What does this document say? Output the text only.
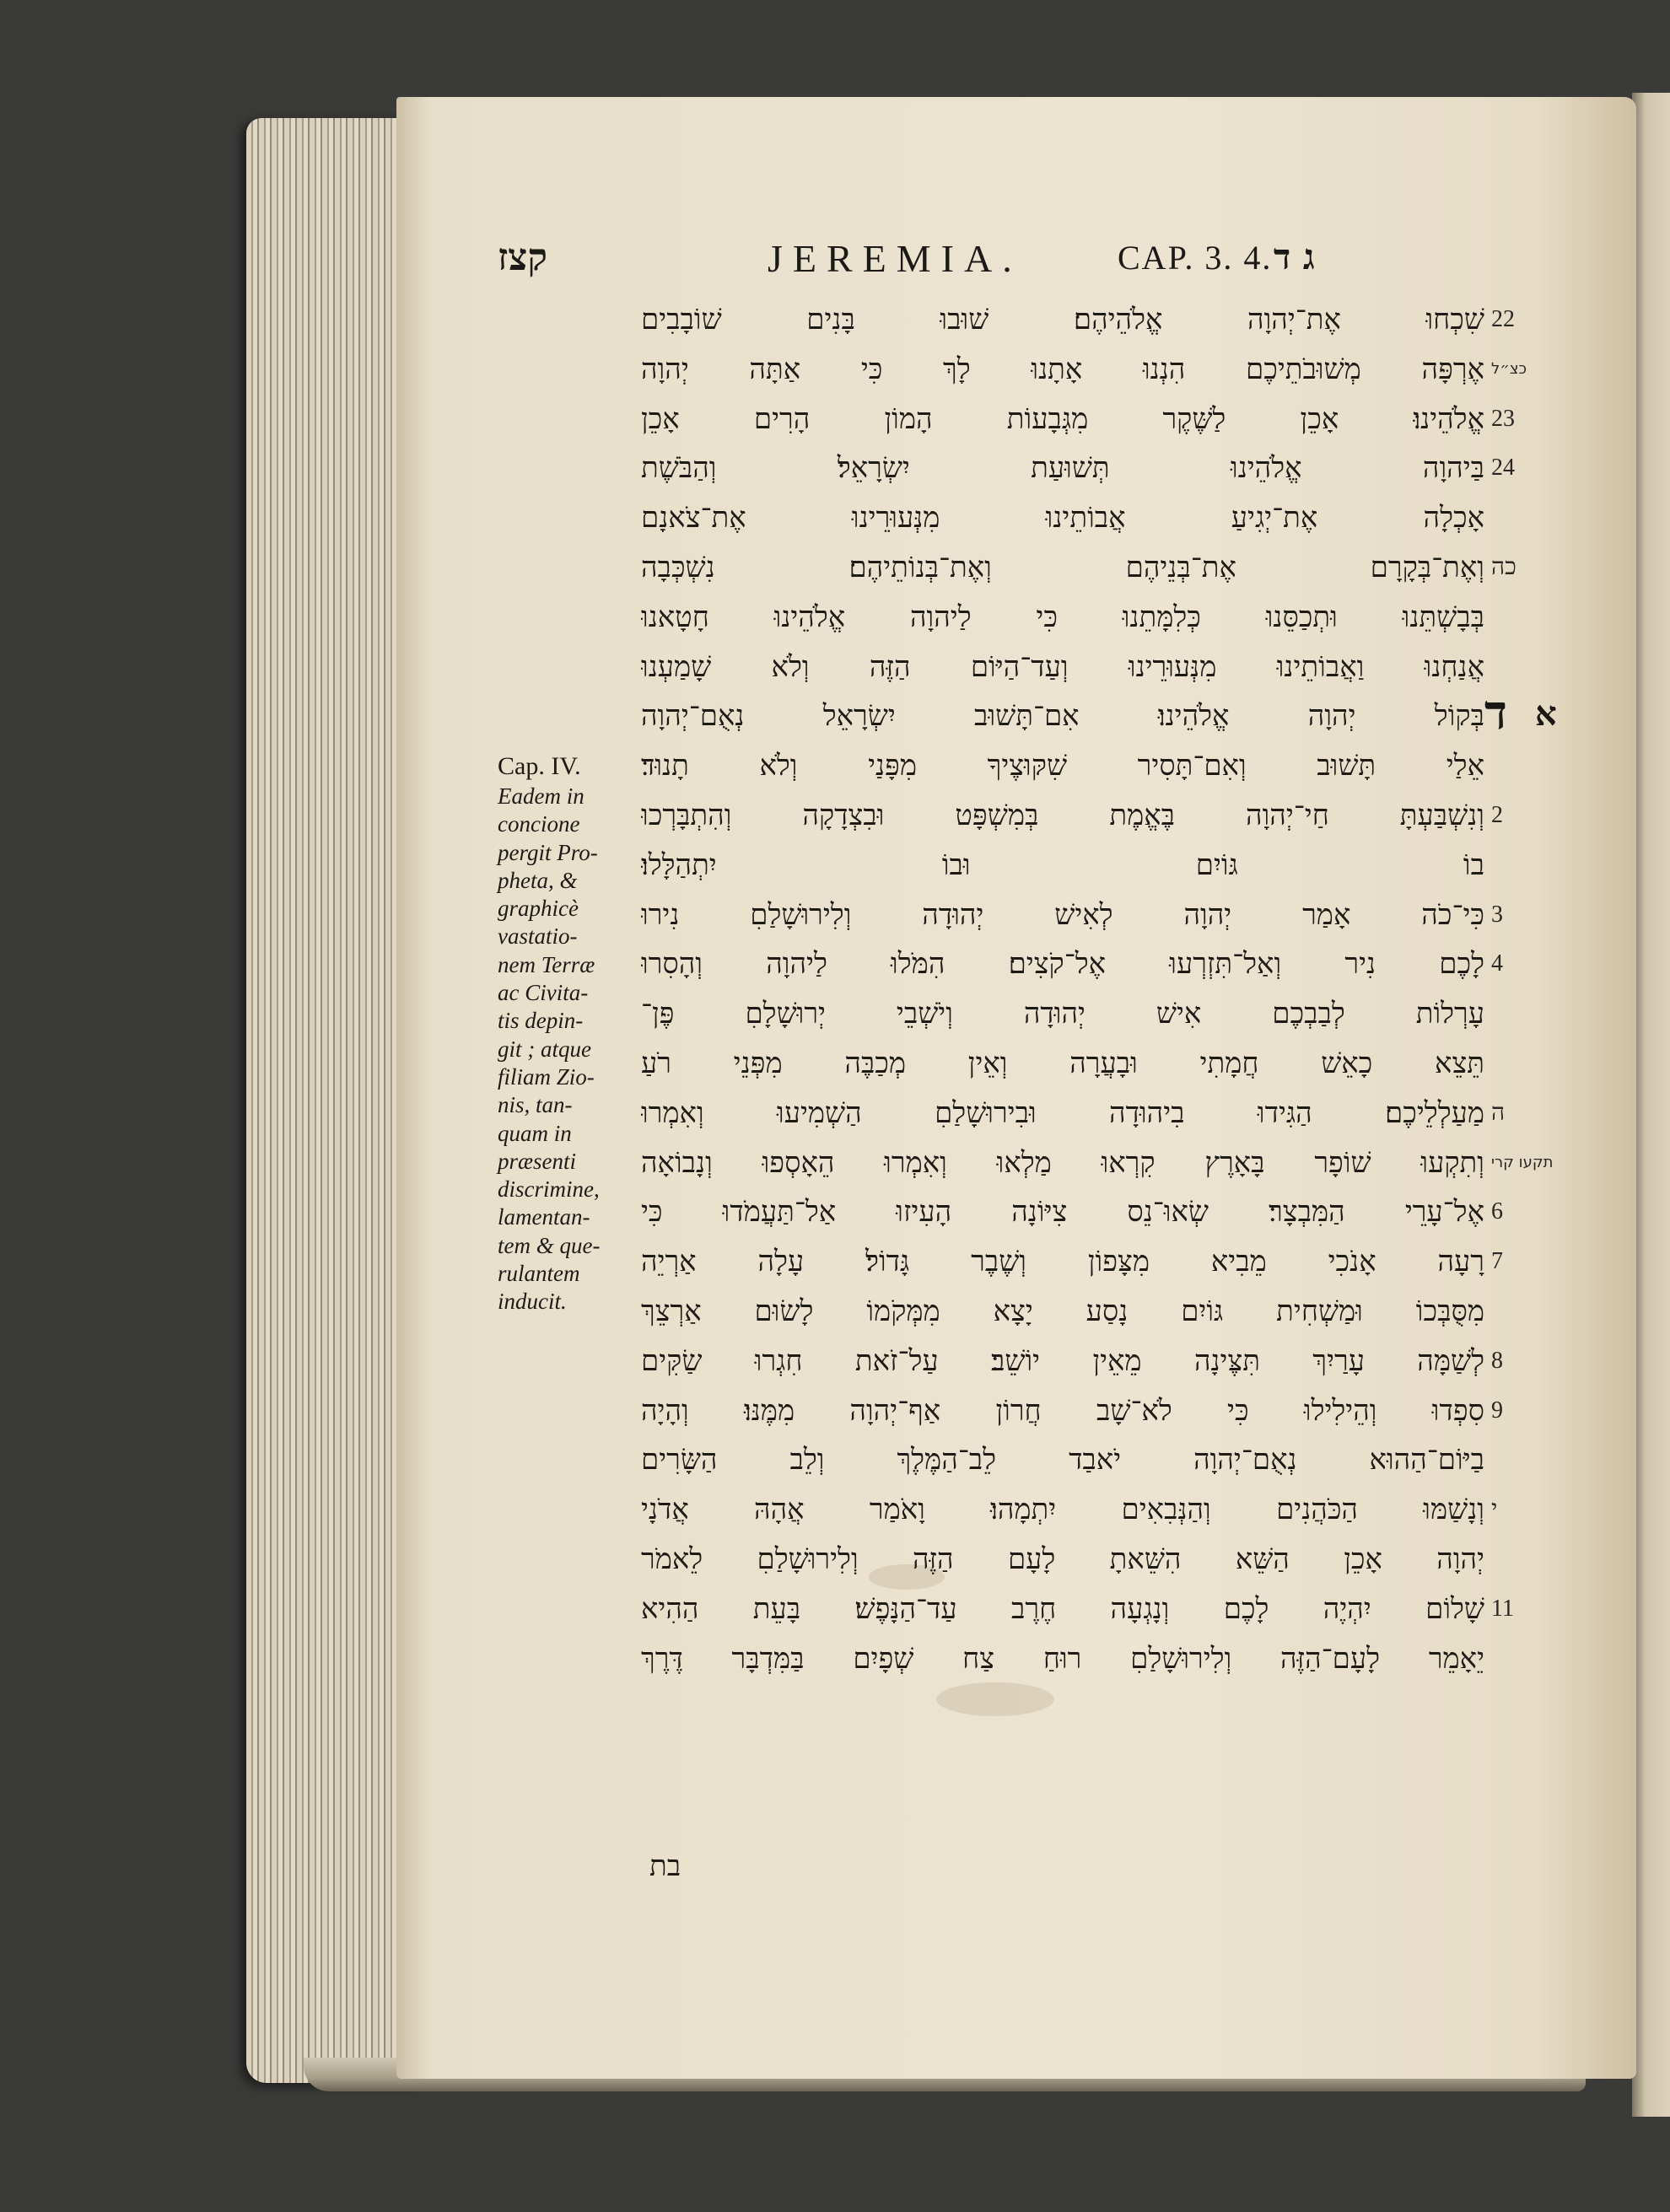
קצז	JEREMIA.	CAP. 3. 4. ג ד
Cap. IV.
Eadem in
concione
pergit Pro-
pheta, &
graphicè
vastatio-
nem Terræ
ac Civita-
tis depin-
git ; atque
filiam Zio-
nis, tan-
quam in
præsenti
discrimine,
lamentan-
tem & que-
rulantem
inducit.
שִׁכְחוּ אֶת־יְהוָה אֱלֹהֵיהֶם׃ שׁוּבוּ בָּנִים שׁוֹבָבִים 22
אֶרְפָּה מְשׁוּבֹתֵיכֶם הִנְנוּ אָתָנוּ לָךְ כִּי אַתָּה יְהוָה כצ״ל
אֱלֹהֵינוּ׃ אָכֵן לַשֶּׁקֶר מִגְּבָעוֹת הָמוֹן הָרִים אָכֵן 23
בַּיהוָה אֱלֹהֵינוּ תְּשׁוּעַת יִשְׂרָאֵל׃ וְהַבֹּשֶׁת 24
אָכְלָה אֶת־יְגִיעַ אֲבוֹתֵינוּ מִנְּעוּרֵינוּ אֶת־צֹאנָם
וְאֶת־בְּקָרָם אֶת־בְּנֵיהֶם וְאֶת־בְּנוֹתֵיהֶם׃ נִשְׁכְּבָה כה
בְּבָשְׁתֵּנוּ וּתְכַסֵּנוּ כְּלִמָּתֵנוּ כִּי לַיהוָה אֱלֹהֵינוּ חָטָאנוּ
אֲנַחְנוּ וַאֲבוֹתֵינוּ מִנְּעוּרֵינוּ וְעַד־הַיּוֹם הַזֶּה וְלֹא שָׁמַעְנוּ
בְּקוֹל יְהוָה אֱלֹהֵינוּ׃ אִם־תָּשׁוּב יִשְׂרָאֵל נְאֻם־יְהוָה ד א
אֵלַי תָּשׁוּב וְאִם־תָּסִיר שִׁקּוּצֶיךָ מִפָּנַי וְלֹא תָנוּד׃
וְנִשְׁבַּעְתָּ חַי־יְהוָה בֶּאֱמֶת בְּמִשְׁפָּט וּבִצְדָקָה וְהִתְבָּרְכוּ 2
בוֹ גּוֹיִם וּבוֹ יִתְהַלָּלוּ׃
כִּי־כֹה אָמַר יְהוָה לְאִישׁ יְהוּדָה וְלִירוּשָׁלַםִ נִירוּ 3
לָכֶם נִיר וְאַל־תִּזְרְעוּ אֶל־קֹצִים׃ הִמֹּלוּ לַיהוָה וְהָסִרוּ 4
עָרְלוֹת לְבַבְכֶם אִישׁ יְהוּדָה וְיֹשְׁבֵי יְרוּשָׁלָםִ פֶּן־
תֵּצֵא כָאֵשׁ חֲמָתִי וּבָעֲרָה וְאֵין מְכַבֶּה מִפְּנֵי רֹעַ
מַעַלְלֵיכֶם׃ הַגִּידוּ בִיהוּדָה וּבִירוּשָׁלַםִ הַשְׁמִיעוּ וְאִמְרוּ ה
וְתִקְעוּ שׁוֹפָר בָּאָרֶץ קִרְאוּ מַלְאוּ וְאִמְרוּ הֵאָסְפוּ וְנָבוֹאָה תקעו קרי
אֶל־עָרֵי הַמִּבְצָר׃ שְׂאוּ־נֵס צִיּוֹנָה הָעִיזוּ אַל־תַּעֲמֹדוּ כִּי 6
רָעָה אָנֹכִי מֵבִיא מִצָּפוֹן וְשֶׁבֶר גָּדוֹל׃ עָלָה אַרְיֵה 7
מִסֻּבְּכוֹ וּמַשְׁחִית גּוֹיִם נָסַע יָצָא מִמְּקֹמוֹ לָשׂוּם אַרְצֵךְ
לְשַׁמָּה עָרַיִךְ תִּצֶּינָה מֵאֵין יוֹשֵׁב׃ עַל־זֹאת חִגְרוּ שַׂקִּים 8
סִפְדוּ וְהֵילִילוּ כִּי לֹא־שָׁב חֲרוֹן אַף־יְהוָה מִמֶּנּוּ׃ וְהָיָה 9
בַיּוֹם־הַהוּא נְאֻם־יְהוָה יֹאבַד לֵב־הַמֶּלֶךְ וְלֵב הַשָּׂרִים
וְנָשַׁמּוּ הַכֹּהֲנִים וְהַנְּבִאִים יִתְמָהוּ׃ וָאֹמַר אֲהָהּ אֲדֹנָי י
יְהוָה אָכֵן הַשֵּׁא הִשֵּׁאתָ לָעָם הַזֶּה וְלִירוּשָׁלַםִ לֵאמֹר
שָׁלוֹם יִהְיֶה לָכֶם וְנָגְעָה חֶרֶב עַד־הַנָּפֶשׁ׃ בָּעֵת הַהִיא 11
יֵאָמֵר לָעָם־הַזֶּה וְלִירוּשָׁלַםִ רוּחַ צַח שְׁפָיִם בַּמִּדְבָּר דֶּרֶךְ
בת
